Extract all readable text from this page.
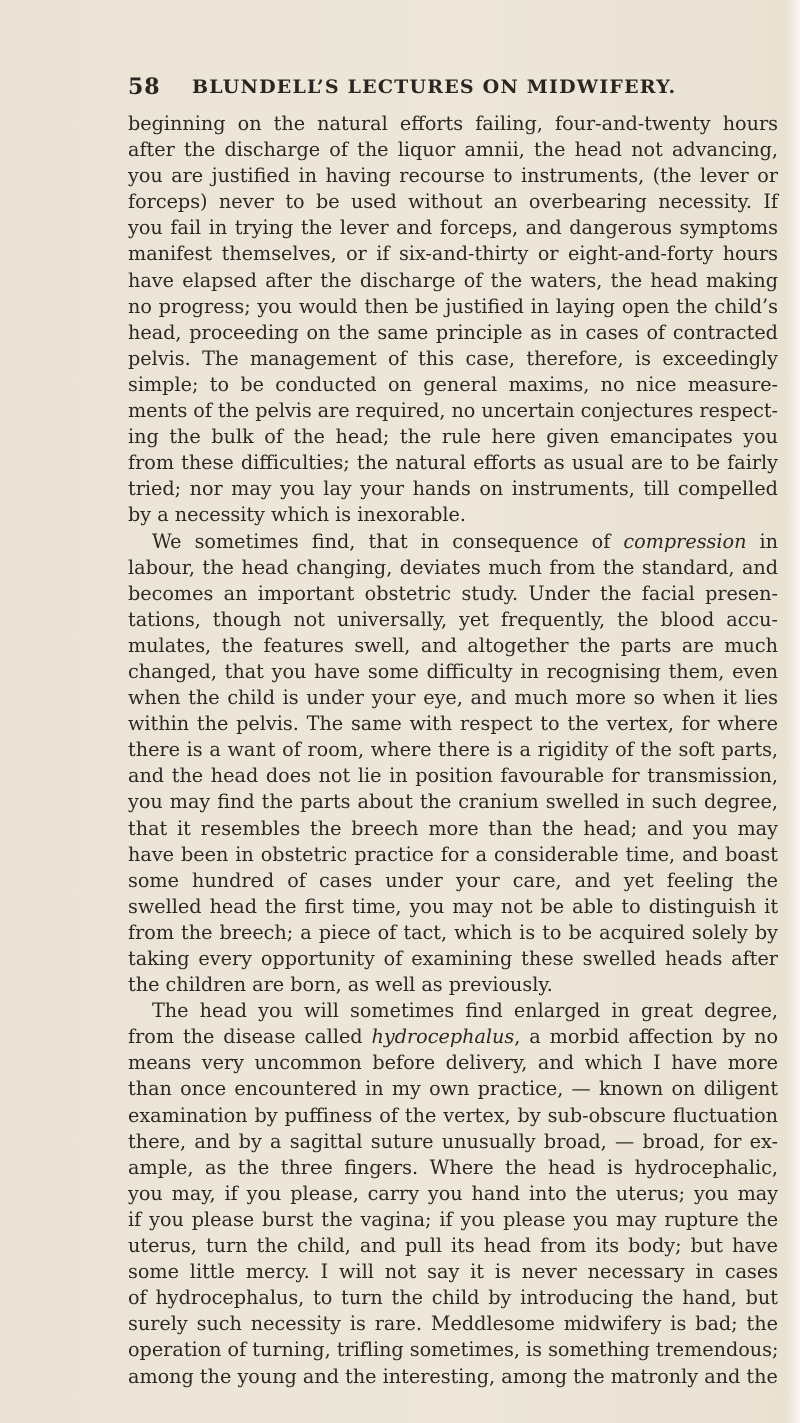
58 BLUNDELL’S LECTURES ON MIDWIFERY.
beginning on the natural efforts failing, four-and-twenty hours
after the discharge of the liquor amnii, the head not advancing,
you are justified in having recourse to instruments, (the lever or
forceps) never to be used without an overbearing necessity. If
you fail in trying the lever and forceps, and dangerous symptoms
manifest themselves, or if six-and-thirty or eight-and-forty hours
have elapsed after the discharge of the waters, the head making
no progress; you would then be justified in laying open the child’s
head, proceeding on the same principle as in cases of contracted
pelvis. The management of this case, therefore, is exceedingly
simple; to be conducted on general maxims, no nice measure-
ments of the pelvis are required, no uncertain conjectures respect-
ing the bulk of the head; the rule here given emancipates you
from these difficulties; the natural efforts as usual are to be fairly
tried; nor may you lay your hands on instruments, till compelled
by a necessity which is inexorable.
We sometimes find, that in consequence of compression in
labour, the head changing, deviates much from the standard, and
becomes an important obstetric study. Under the facial presen-
tations, though not universally, yet frequently, the blood accu-
mulates, the features swell, and altogether the parts are much
changed, that you have some difficulty in recognising them, even
when the child is under your eye, and much more so when it lies
within the pelvis. The same with respect to the vertex, for where
there is a want of room, where there is a rigidity of the soft parts,
and the head does not lie in position favourable for transmission,
you may find the parts about the cranium swelled in such degree,
that it resembles the breech more than the head; and you may
have been in obstetric practice for a considerable time, and boast
some hundred of cases under your care, and yet feeling the
swelled head the first time, you may not be able to distinguish it
from the breech; a piece of tact, which is to be acquired solely by
taking every opportunity of examining these swelled heads after
the children are born, as well as previously.
The head you will sometimes find enlarged in great degree,
from the disease called hydrocephalus, a morbid affection by no
means very uncommon before delivery, and which I have more
than once encountered in my own practice, — known on diligent
examination by puffiness of the vertex, by sub-obscure fluctuation
there, and by a sagittal suture unusually broad, — broad, for ex-
ample, as the three fingers. Where the head is hydrocephalic,
you may, if you please, carry you hand into the uterus; you may
if you please burst the vagina; if you please you may rupture the
uterus, turn the child, and pull its head from its body; but have
some little mercy. I will not say it is never necessary in cases
of hydrocephalus, to turn the child by introducing the hand, but
surely such necessity is rare. Meddlesome midwifery is bad; the
operation of turning, trifling sometimes, is something tremendous;
among the young and the interesting, among the matronly and the
